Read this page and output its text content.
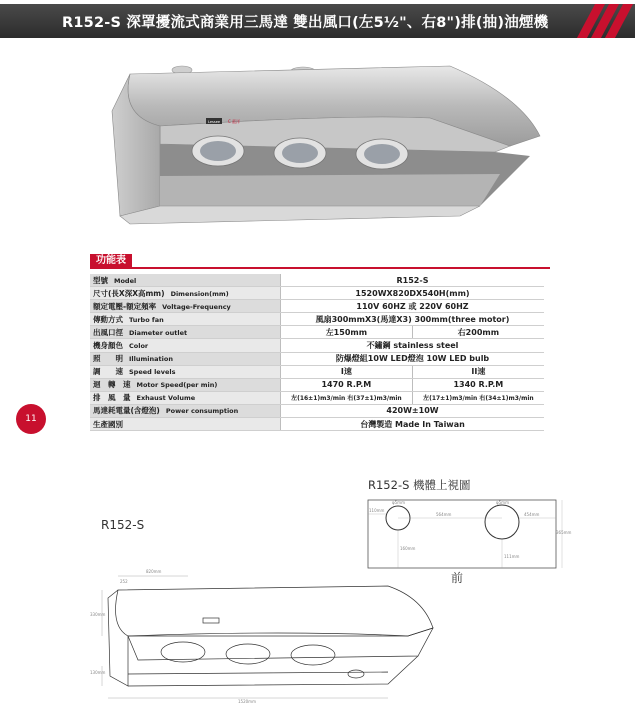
R152-S 深罩擾流式商業用三馬達 雙出風口(左5½"、右8")排(抽)油煙機
Lessee C 藍洋
功能表
型號 Model	R152-S	
尺寸(長X深X高mm) Dimension(mm)	1520WX820DX540H(mm)	
額定電壓-額定頻率 Voltage-Frequency	110V 60HZ 或 220V 60HZ	
傳動方式 Turbo fan	風扇300mmX3(馬達X3) 300mm(three motor)	
出風口徑 Diameter outlet	左150mm	右200mm
機身顏色 Color	不鏽鋼 stainless steel	
照　　明 Illumination	防爆燈組10W LED燈泡 10W LED bulb	
調　　速 Speed levels	I速	II速
迴　轉　速 Motor Speed(per min)	1470 R.P.M	1340 R.P.M
排　風　量 Exhaust Volume	左(16±1)m3/min 右(37±1)m3/min	左(17±1)m3/min 右(34±1)m3/min
馬達耗電量(含燈泡) Power consumption	420W±10W	
生產國別	台灣製造 Made In Taiwan	
11
R152-S 機體上視圖
φ5mm	φ5mm
110mm
564mm	454mm
365mm
160mm
111mm
前
R152-S
820mm
252
330mm
130mm
1520mm
